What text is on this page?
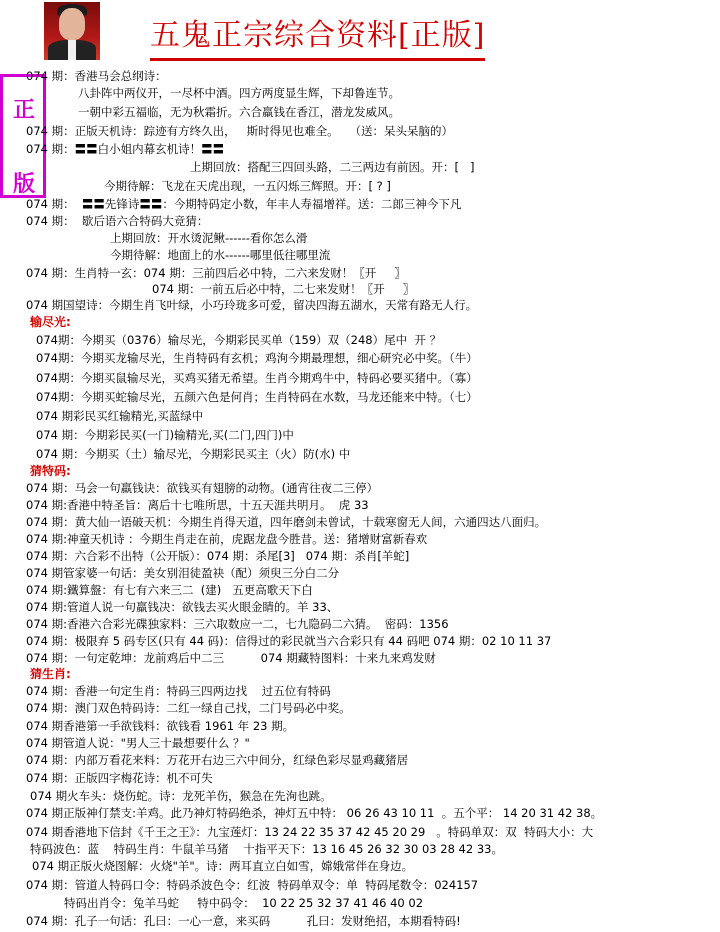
五鬼正宗综合资料[正版]
正
版
074 期：香港马会总纲诗：
八卦阵中两仪开，一尽杯中酒。四方两度显生辉，下却鲁连节。
一朝中彩五福临，无为秋霜折。六合羸钱在香江，潜龙发威风。
074 期：正版天机诗：踪迹有方终久出，   斯时得见也难全。   （送：呆头呆脑的）
074 期：〓〓白小姐内幕玄机诗！〓〓
上期回放：搭配三四回头路，二三两边有前因。开：[   ]
今期待解：飞龙在天虎出现，一五闪烁三辉照。开：[ ? ]
074 期：  〓〓先锋诗〓〓：今期特码定小数，年丰人寿福增祥。送：二郎三神今下凡
074 期：  歇后语六合特码大竞猜：
上期回放：开水烫泥鳅------看你怎么滑
今期待解：地面上的水------哪里低往哪里流
074 期：生肖特一玄：074 期：三前四后必中特，二六来发财！〖开     〗
074 期：一前五后必中特，二七来发财！〖开     〗
074 期国望诗：今期生肖飞叶绿，小巧玲珑多可爱，留决四海五湖水，天常有路无人行。
074期：今期买（0376）输尽光，今期彩民买单（159）双（248）尾中  开 ？
074期：今期买龙输尽光，生肖特码有玄机；鸡洵今期最理想，细心研究必中奖。（牛）
074期：今期买鼠输尽光，买鸡买猪无希望。生肖今期鸡牛中，特码必要买猪中。（寡）
074期：今期买蛇输尽光，五颜六色是何肖；生肖特码在水数，马龙还能来中特。（七）
074 期彩民买红输精光,买蓝绿中
074 期：今期彩民买(一门)输精光,买(二门,四门)中
074 期：今期买（土）输尽光，今期彩民买主（火）防(水) 中
074 期：马会一句羸钱诀：欲钱买有翅膀的动物。(通宵往夜二三停）
074 期:香港中特圣旨：离后十七唯所思，十五天涯共明月。  虎 33
074 期：黄大仙一语破天机：今期生肖得天道，四年磨剑未曾试，十载寒窗无人间，六通四达八面归。
074 期:神童天机诗 ：今期生肖走在前，虎踞龙盘今胜昔。送：猪增财富新春欢
074 期：六合彩不出特（公开版）：074 期：杀尾[3]   074 期：杀肖[羊蛇]
074 期管家婆一句话：美女别泪徒盈袂（配）须臾三分白二分
074 期:鐵算盤：有七有六来三二  (建)   五更高歌天下白
074 期:管道人说一句羸钱决：欲钱去买火眼金睛的。羊 33、
074 期:香港六合彩光碟独家料：三六取数应一二，七九隐码二六猜。  密码：1356
074 期：极限弃 5 码专区(只有 44 码)：信得过的彩民就当六合彩只有 44 码吧 074 期：02 10 11 37
074 期：一句定乾坤：龙前鸡后中二三          074 期藏特图料：十来九来鸡发财
074 期：香港一句定生肖：特码三四两边找    过五位有特码
074 期：澳门双色特码诗：二红一绿自己找，二门号码必中奖。
074 期香港第一手欲钱料：欲钱看 1961 年 23 期。
074 期管道人说："男人三十最想要什么 ？"
074 期：内部万看花来料：万花开右边三六中间分，红绿色彩尽显鸡藏猪居
074 期：正版四字梅花诗：机不可失
074 期火车头：烧伤蛇。诗：龙死羊伤，猴急在先洵也跳。
074 期正版神仃禁支:羊鸡。此乃神灯特码绝杀，神灯五中特： 06 26 43 10 11  。五个平： 14 20 31 42 38。
074 期香港地下信封《千王之王》：九宝莲灯：13 24 22 35 37 42 45 20 29   。特码单双：双  特码大小：大
特码波色：蓝    特码生肖：牛鼠羊马猪    十指平天下：13 16 45 26 32 30 03 28 42 33。
074 期正版火烧图解：火烧"羊"。诗：两耳直立白如雪，嫦娥常伴在身边。
074 期：管道人特码口令：特码杀波色令：红波  特码单双令：单  特码尾数令：024157
特码出肖令：兔羊马蛇     特中码令：  10 22 25 32 37 41 46 40 02
074 期：孔子一句话：孔曰：一心一意，来买码          孔曰：发财绝招，本期看特码!
输尽光:
猜特码:
猜生肖:
